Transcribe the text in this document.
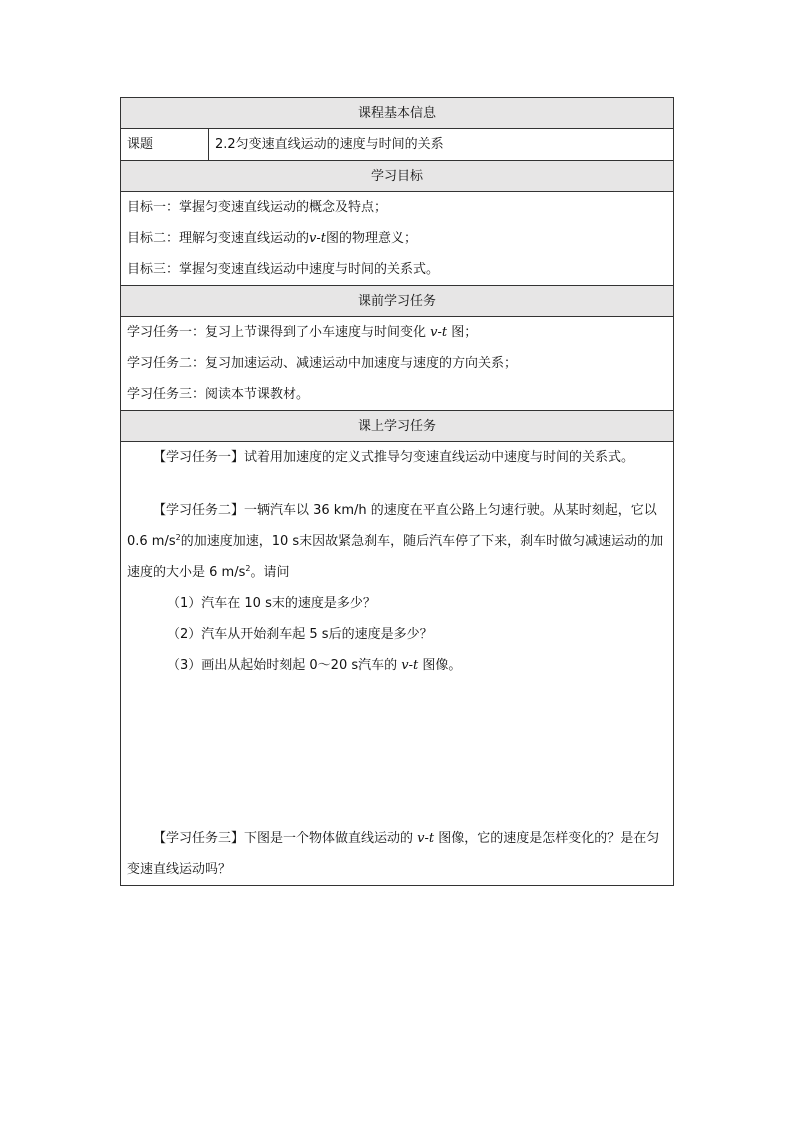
课程基本信息
课题	2.2匀变速直线运动的速度与时间的关系
学习目标
目标一：掌握匀变速直线运动的概念及特点；
目标二：理解匀变速直线运动的v-t图的物理意义；
目标三：掌握匀变速直线运动中速度与时间的关系式。
课前学习任务
学习任务一：复习上节课得到了小车速度与时间变化 v-t 图；
学习任务二：复习加速运动、减速运动中加速度与速度的方向关系；
学习任务三：阅读本节课教材。
课上学习任务

【学习任务一】试着用加速度的定义式推导匀变速直线运动中速度与时间的关系式。

【学习任务二】一辆汽车以 36 km/h 的速度在平直公路上匀速行驶。从某时刻起，它以0.6 $m/s^2$的加速度加速，10 s末因故紧急刹车，随后汽车停了下来，刹车时做匀减速运动的加速度的大小是 6 $m/s^2$。请问

（1）汽车在 10 s末的速度是多少？

（2）汽车从开始刹车起 5 s后的速度是多少？

（3）画出从起始时刻起 0～20 s汽车的 v-t 图像。

【学习任务三】下图是一个物体做直线运动的 v-t 图像，它的速度是怎样变化的？是在匀变速直线运动吗？
